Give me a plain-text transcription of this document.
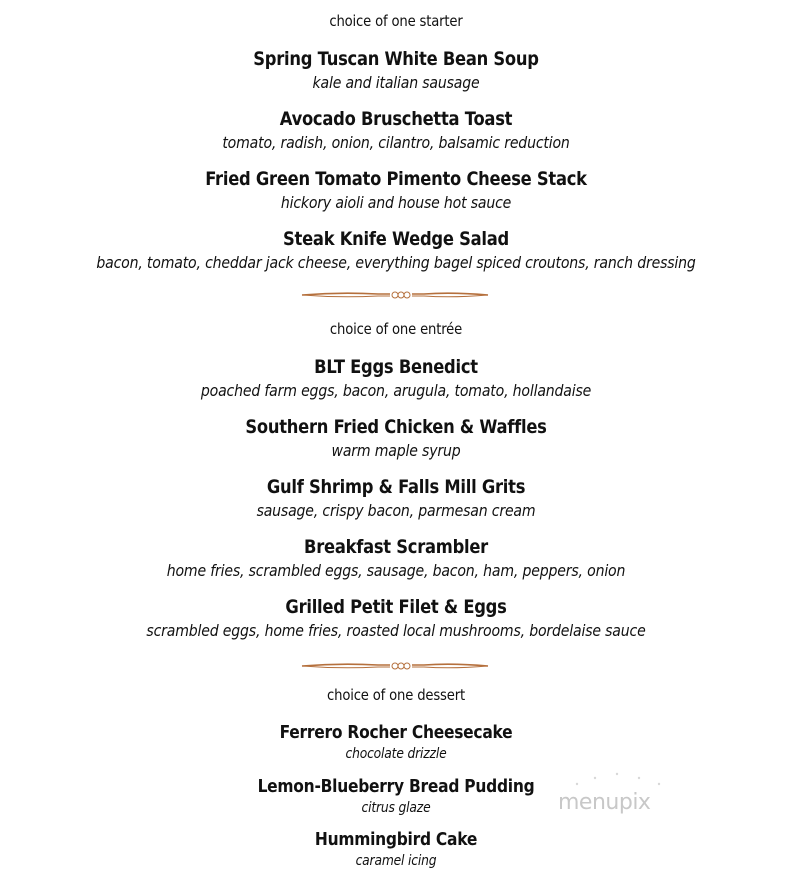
choice of one starter
Spring Tuscan White Bean Soup
kale and italian sausage
Avocado Bruschetta Toast
tomato, radish, onion, cilantro, balsamic reduction
Fried Green Tomato Pimento Cheese Stack
hickory aioli and house hot sauce
Steak Knife Wedge Salad
bacon, tomato, cheddar jack cheese, everything bagel spiced croutons, ranch dressing
choice of one entrée
BLT Eggs Benedict
poached farm eggs, bacon, arugula, tomato, hollandaise
Southern Fried Chicken & Waffles
warm maple syrup
Gulf Shrimp & Falls Mill Grits
sausage, crispy bacon, parmesan cream
Breakfast Scrambler
home fries, scrambled eggs, sausage, bacon, ham, peppers, onion
Grilled Petit Filet & Eggs
scrambled eggs, home fries, roasted local mushrooms, bordelaise sauce
choice of one dessert
Ferrero Rocher Cheesecake
chocolate drizzle
Lemon-Blueberry Bread Pudding
citrus glaze
Hummingbird Cake
caramel icing
menupix
